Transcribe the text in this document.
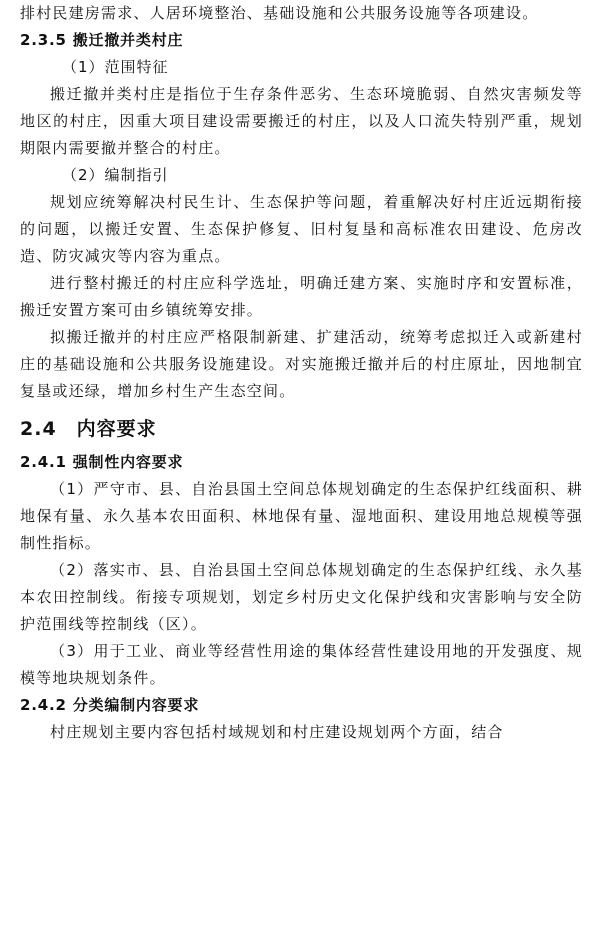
排村民建房需求、人居环境整治、基础设施和公共服务设施等各项建设。

2.3.5 搬迁撤并类村庄

（1）范围特征

搬迁撤并类村庄是指位于生存条件恶劣、生态环境脆弱、自然灾害频发等地区的村庄，因重大项目建设需要搬迁的村庄，以及人口流失特别严重，规划期限内需要撤并整合的村庄。

（2）编制指引

规划应统筹解决村民生计、生态保护等问题，着重解决好村庄近远期衔接的问题，以搬迁安置、生态保护修复、旧村复垦和高标准农田建设、危房改造、防灾减灾等内容为重点。

进行整村搬迁的村庄应科学选址，明确迁建方案、实施时序和安置标准，搬迁安置方案可由乡镇统筹安排。

拟搬迁撤并的村庄应严格限制新建、扩建活动，统筹考虑拟迁入或新建村庄的基础设施和公共服务设施建设。对实施搬迁撤并后的村庄原址，因地制宜复垦或还绿，增加乡村生产生态空间。

2.4　内容要求
2.4.1 强制性内容要求

（1）严守市、县、自治县国土空间总体规划确定的生态保护红线面积、耕地保有量、永久基本农田面积、林地保有量、湿地面积、建设用地总规模等强制性指标。

（2）落实市、县、自治县国土空间总体规划确定的生态保护红线、永久基本农田控制线。衔接专项规划，划定乡村历史文化保护线和灾害影响与安全防护范围线等控制线（区）。

（3）用于工业、商业等经营性用途的集体经营性建设用地的开发强度、规模等地块规划条件。

2.4.2 分类编制内容要求

村庄规划主要内容包括村域规划和村庄建设规划两个方面，结合
